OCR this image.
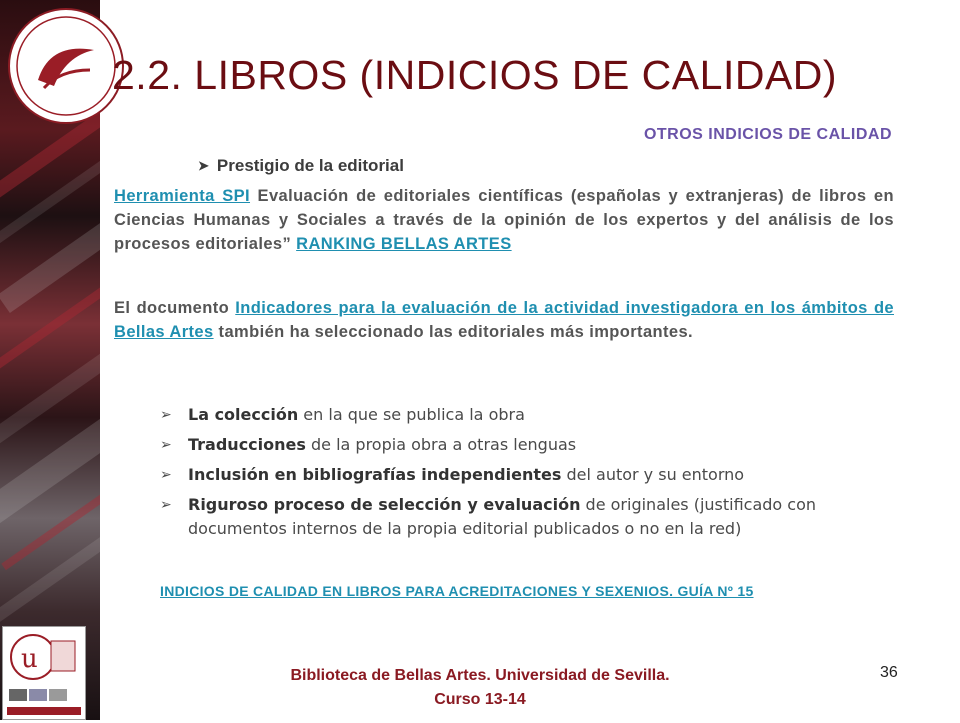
2.2. LIBROS (INDICIOS DE CALIDAD)
OTROS INDICIOS DE CALIDAD
➤ Prestigio de la editorial

Herramienta SPI Evaluación de editoriales científicas (españolas y extranjeras) de libros en Ciencias Humanas y Sociales a través de la opinión de los expertos y del análisis de los procesos editoriales” RANKING BELLAS ARTES

El documento Indicadores para la evaluación de la actividad investigadora en los ámbitos de Bellas Artes también ha seleccionado las editoriales más importantes.

➢ La colección en la que se publica la obra
➢ Traducciones de la propia obra a otras lenguas
➢ Inclusión en bibliografías independientes del autor y su entorno
➢ Riguroso proceso de selección y evaluación de originales (justificado con documentos internos de la propia editorial publicados o no en la red)
INDICIOS DE CALIDAD EN LIBROS PARA ACREDITACIONES Y SEXENIOS. GUÍA Nº 15
u
Biblioteca de Bellas Artes. Universidad de Sevilla.
Curso 13-14
36
